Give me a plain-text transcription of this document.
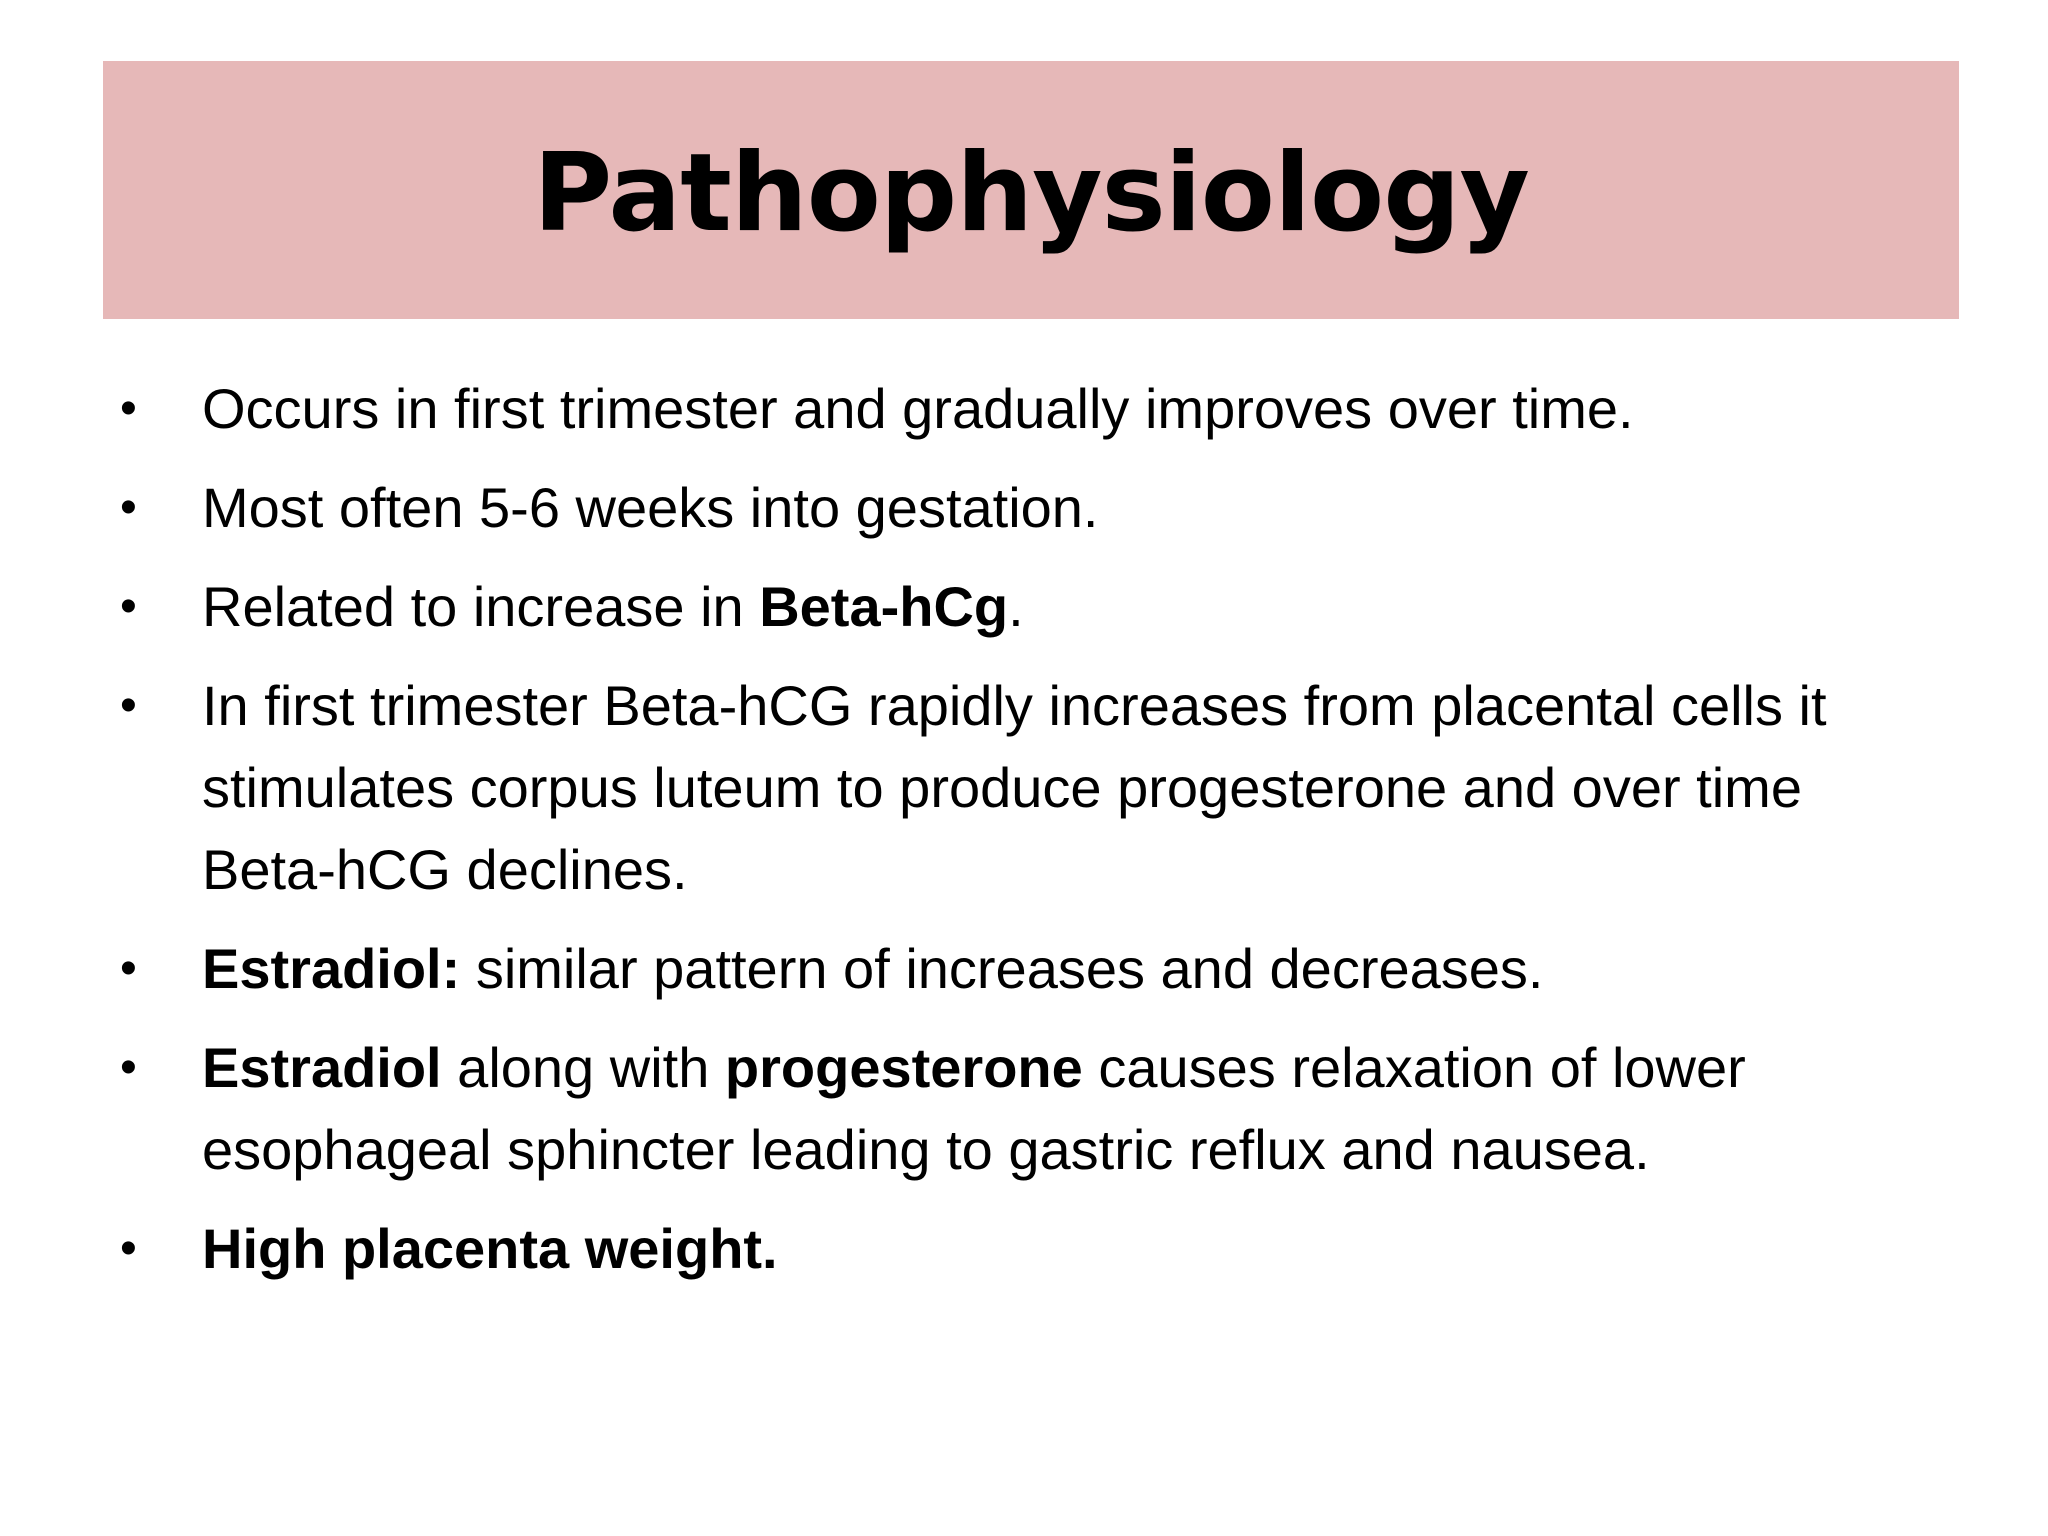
Pathophysiology
•	Occurs in first trimester and gradually improves over time.
•	Most often 5-6 weeks into gestation.
•	Related to increase in Beta-hCg.
•	In first trimester Beta-hCG rapidly increases from placental cells it stimulates corpus luteum to produce progesterone and over time Beta-hCG declines.
•	Estradiol: similar pattern of increases and decreases.
•	Estradiol along with progesterone causes relaxation of lower esophageal sphincter leading to gastric reflux and nausea.
•	High placenta weight.
